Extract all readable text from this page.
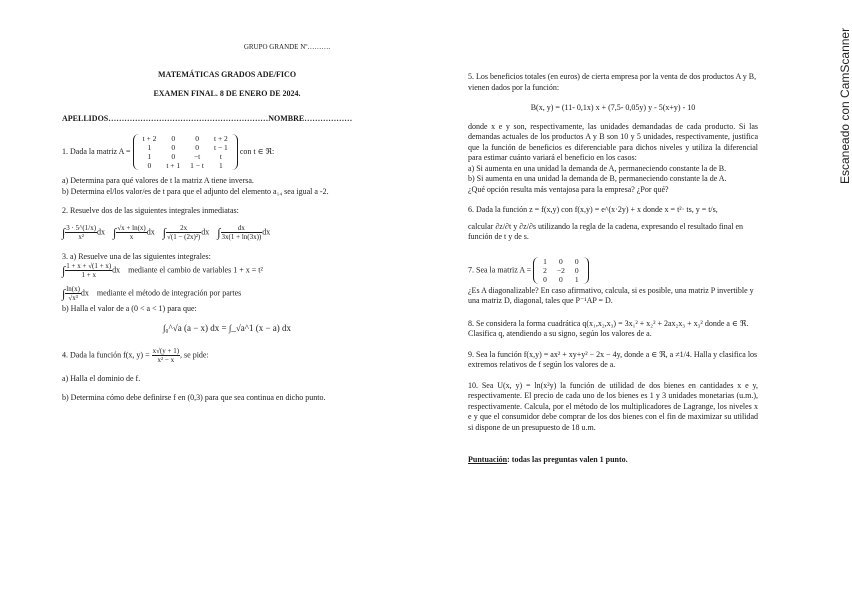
GRUPO GRANDE Nº……….

MATEMÁTICAS GRADOS ADE/FICO

EXAMEN FINAL. 8 DE ENERO DE 2024.

APELLIDOS……………………………………………………NOMBRE………………

1. Dada la matriz A =
t + 2	0	0	t + 2
1	0	0	t − 1
1	0	−t	t
0	t + 1	1 − t	1
con t ∈ ℜ:

a) Determina para qué valores de t la matriz A tiene inversa.

b) Determina el/los valor/es de t para que el adjunto del elemento a₁₄ sea igual a -2.

2. Resuelve dos de las siguientes integrales inmediatas:

∫ $\frac{3 \cdot 5\^{}(1/x)}{\text{x²}}$ dx    ∫ $\frac{√x + \ln(x)}{x}$ dx    ∫ $\frac{2x}{\text{√(1 − (2x)²)}}$ dx    ∫ $\frac{dx}{3x(1 + \ln(3x))}$ dx

3. a) Resuelve una de las siguientes integrales:

∫ $\frac{1 + x + √(1 + x)}{1 + x}$ dx    mediante el cambio de variables 1 + x = t²

∫ $\frac{\ln(x)}{\text{√x³}}$ dx    mediante el método de integración por partes

b) Halla el valor de a (0 < a < 1) para que:

∫₀^√a (a − x) dx = ∫_√a^1 (x − a) dx

4. Dada la función f(x, $y) = \frac{x√(y + 1)}{\text{x² − x}}$ , se pide:

a) Halla el dominio de f.

b) Determina cómo debe definirse f en (0,3) para que sea continua en dicho punto.

5. Los beneficios totales (en euros) de cierta empresa por la venta de dos productos A y B, vienen dados por la función:

B(x, y) = (11- 0,1x) x + (7,5- 0,05y) y - 5(x+y) - 10

donde x e y son, respectivamente, las unidades demandadas de cada producto. Si las demandas actuales de los productos A y B son 10 y 5 unidades, respectivamente, justifica que la función de beneficios es diferenciable para dichos niveles y utiliza la diferencial para estimar cuánto variará el beneficio en los casos:

a) Si aumenta en una unidad la demanda de A, permaneciendo constante la de B.

b) Si aumenta en una unidad la demanda de B, permaneciendo constante la de A.

¿Qué opción resulta más ventajosa para la empresa? ¿Por qué?

6. Dada la función z = f(x,y) con f(x,y) = e^(x·2y) + x donde x = t²· ts, y = t/s,

calcular ∂z/∂t y ∂z/∂s utilizando la regla de la cadena, expresando el resultado final en función de t y de s.

7. Sea la matriz A =
1	0	0
2	−2	0
0	0	1

¿Es A diagonalizable? En caso afirmativo, calcula, si es posible, una matriz P invertible y una matriz D, diagonal, tales que P⁻¹AP = D.

8. Se considera la forma cuadrática q(x₁,x₂,x₃) = 3x₁² + x₂² + 2ax₂x₃ + x₃² donde a ∈ ℜ. Clasifica q, atendiendo a su signo, según los valores de a.

9. Sea la función f(x,y) = ax² + xy+y² − 2x − 4y, donde a ∈ ℜ, a ≠1/4. Halla y clasifica los extremos relativos de f según los valores de a.

10. Sea U(x, y) = ln(x²y) la función de utilidad de dos bienes en cantidades x e y, respectivamente. El precio de cada uno de los bienes es 1 y 3 unidades monetarias (u.m.), respectivamente. Calcula, por el método de los multiplicadores de Lagrange, los niveles x e y que el consumidor debe comprar de los dos bienes con el fin de maximizar su utilidad si dispone de un presupuesto de 18 u.m.

Puntuación: todas las preguntas valen 1 punto.

Escaneado con CamScanner
